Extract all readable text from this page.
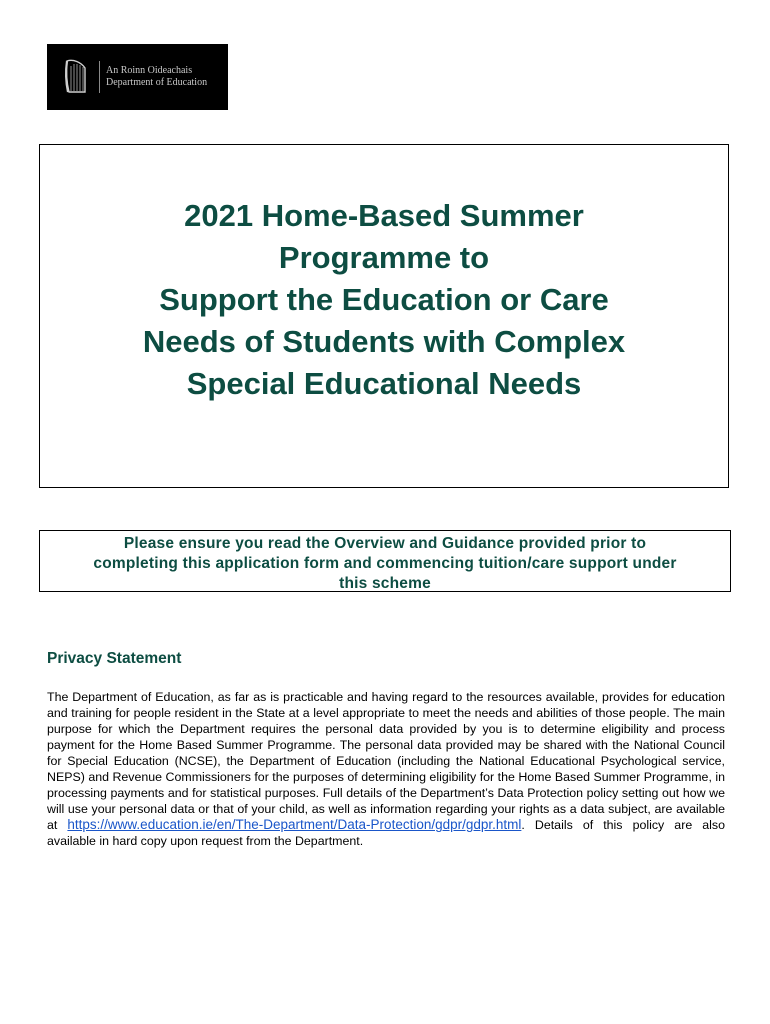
An Roinn Oideachais
Department of Education
2021 Home-Based Summer
Programme to
Support the Education or Care
Needs of Students with Complex
Special Educational Needs
Please ensure you read the Overview and Guidance provided prior to
completing this application form and commencing tuition/care support under
this scheme
Privacy Statement
The Department of Education, as far as is practicable and having regard to the resources available, provides for education and training for people resident in the State at a level appropriate to meet the needs and abilities of those people. The main purpose for which the Department requires the personal data provided by you is to determine eligibility and process payment for the Home Based Summer Programme. The personal data provided may be shared with the National Council for Special Education (NCSE), the Department of Education (including the National Educational Psychological service, NEPS) and Revenue Commissioners for the purposes of determining eligibility for the Home Based Summer Programme, in processing payments and for statistical purposes. Full details of the Department’s Data Protection policy setting out how we will use your personal data or that of your child, as well as information regarding your rights as a data subject, are available at https://www.education.ie/en/The-Department/Data-Protection/gdpr/gdpr.html. Details of this policy are also available in hard copy upon request from the Department.
